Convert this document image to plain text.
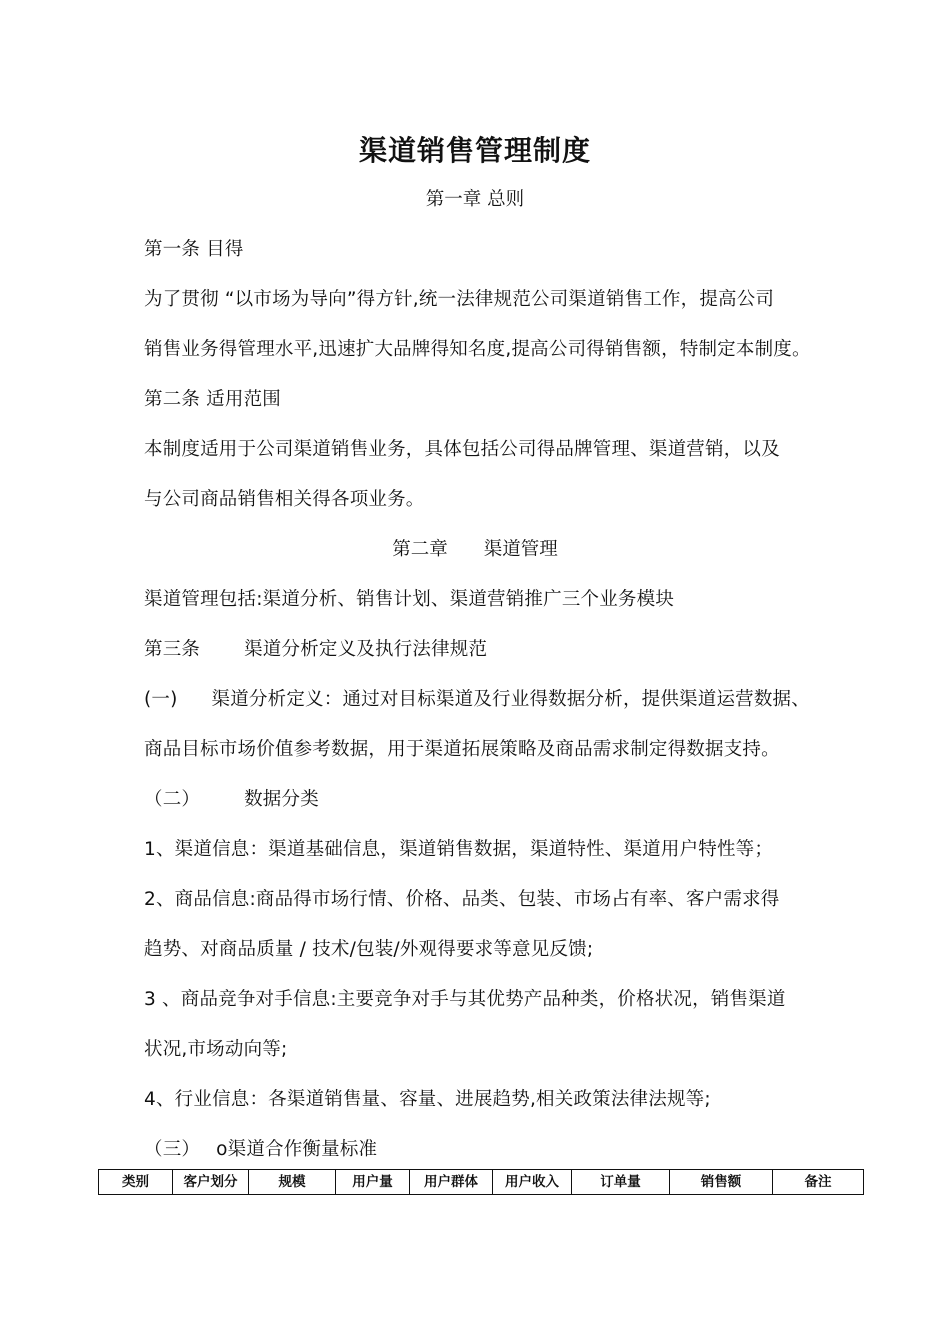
渠道销售管理制度
第一章 总则
第一条 目得
为了贯彻 “以市场为导向”得方针,统一法律规范公司渠道销售工作，提高公司
销售业务得管理水平,迅速扩大品牌得知名度,提高公司得销售额，特制定本制度。
第二条 适用范围
本制度适用于公司渠道销售业务，具体包括公司得品牌管理、渠道营销，以及
与公司商品销售相关得各项业务。
第二章 渠道管理
渠道管理包括:渠道分析、销售计划、渠道营销推广三个业务模块
第三条 渠道分析定义及执行法律规范
(一) 渠道分析定义：通过对目标渠道及行业得数据分析，提供渠道运营数据、
商品目标市场价值参考数据，用于渠道拓展策略及商品需求制定得数据支持。
（二） 数据分类
1、渠道信息：渠道基础信息，渠道销售数据，渠道特性、渠道用户特性等；
2、商品信息:商品得市场行情、价格、品类、包装、市场占有率、客户需求得
趋势、对商品质量 / 技术/包装/外观得要求等意见反馈;
3 、商品竞争对手信息:主要竞争对手与其优势产品种类，价格状况，销售渠道
状况,市场动向等;
4、行业信息：各渠道销售量、容量、进展趋势,相关政策法律法规等;
（三） o渠道合作衡量标准
类别	客户划分	规模	用户量	用户群体	用户收入	订单量	销售额	备注
